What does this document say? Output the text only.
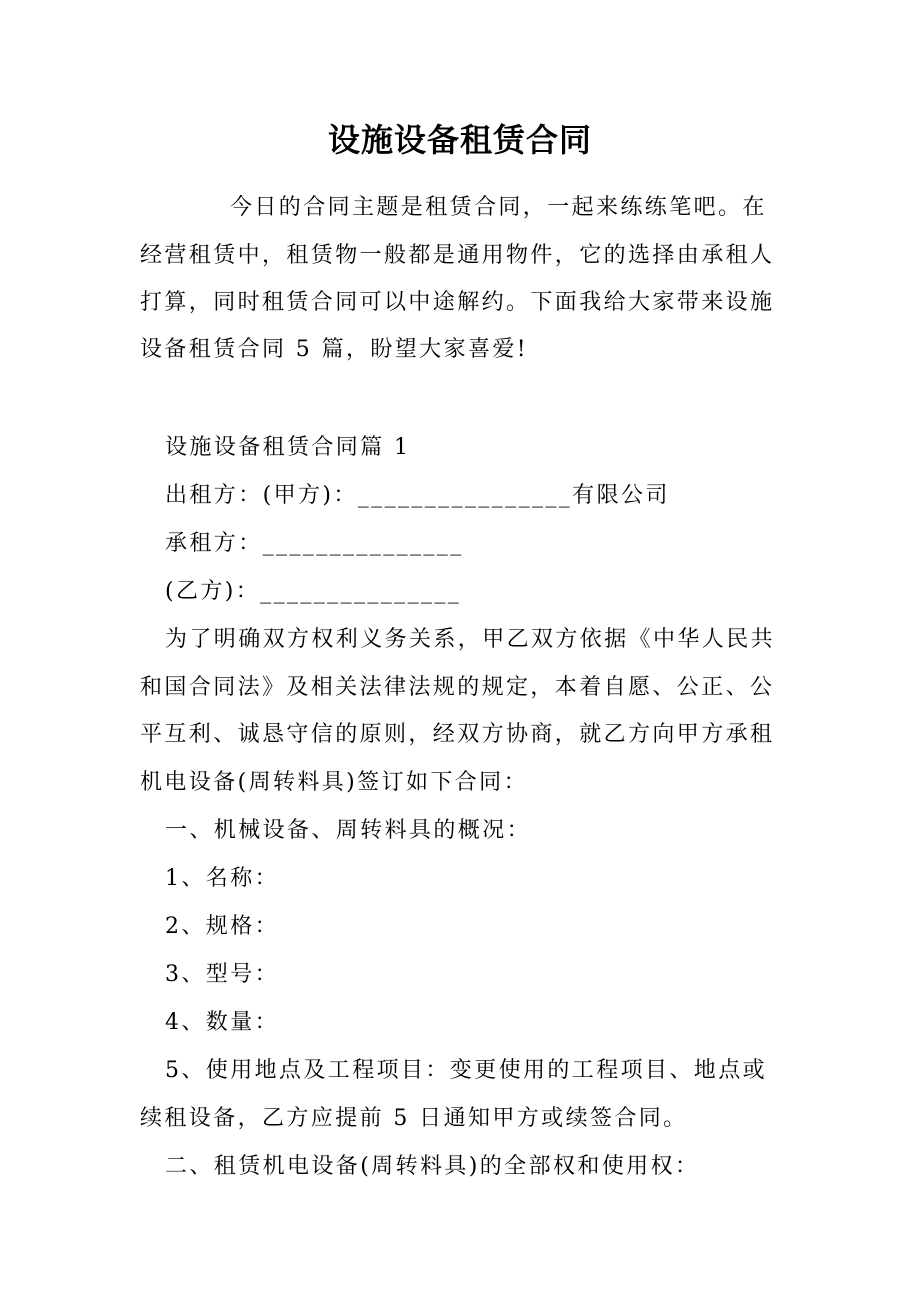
设施设备租赁合同
今日的合同主题是租赁合同，一起来练练笔吧。在
经营租赁中，租赁物一般都是通用物件，它的选择由承租人
打算，同时租赁合同可以中途解约。下面我给大家带来设施
设备租赁合同 5 篇，盼望大家喜爱!
设施设备租赁合同篇 1
出租方：(甲方)：________________有限公司
承租方：_______________
(乙方)：_______________
为了明确双方权利义务关系，甲乙双方依据《中华人民共
和国合同法》及相关法律法规的规定，本着自愿、公正、公
平互利、诚恳守信的原则，经双方协商，就乙方向甲方承租
机电设备(周转料具)签订如下合同：
一、机械设备、周转料具的概况：
1、名称：
2、规格：
3、型号：
4、数量：
5、使用地点及工程项目：变更使用的工程项目、地点或
续租设备，乙方应提前 5 日通知甲方或续签合同。
二、租赁机电设备(周转料具)的全部权和使用权：
